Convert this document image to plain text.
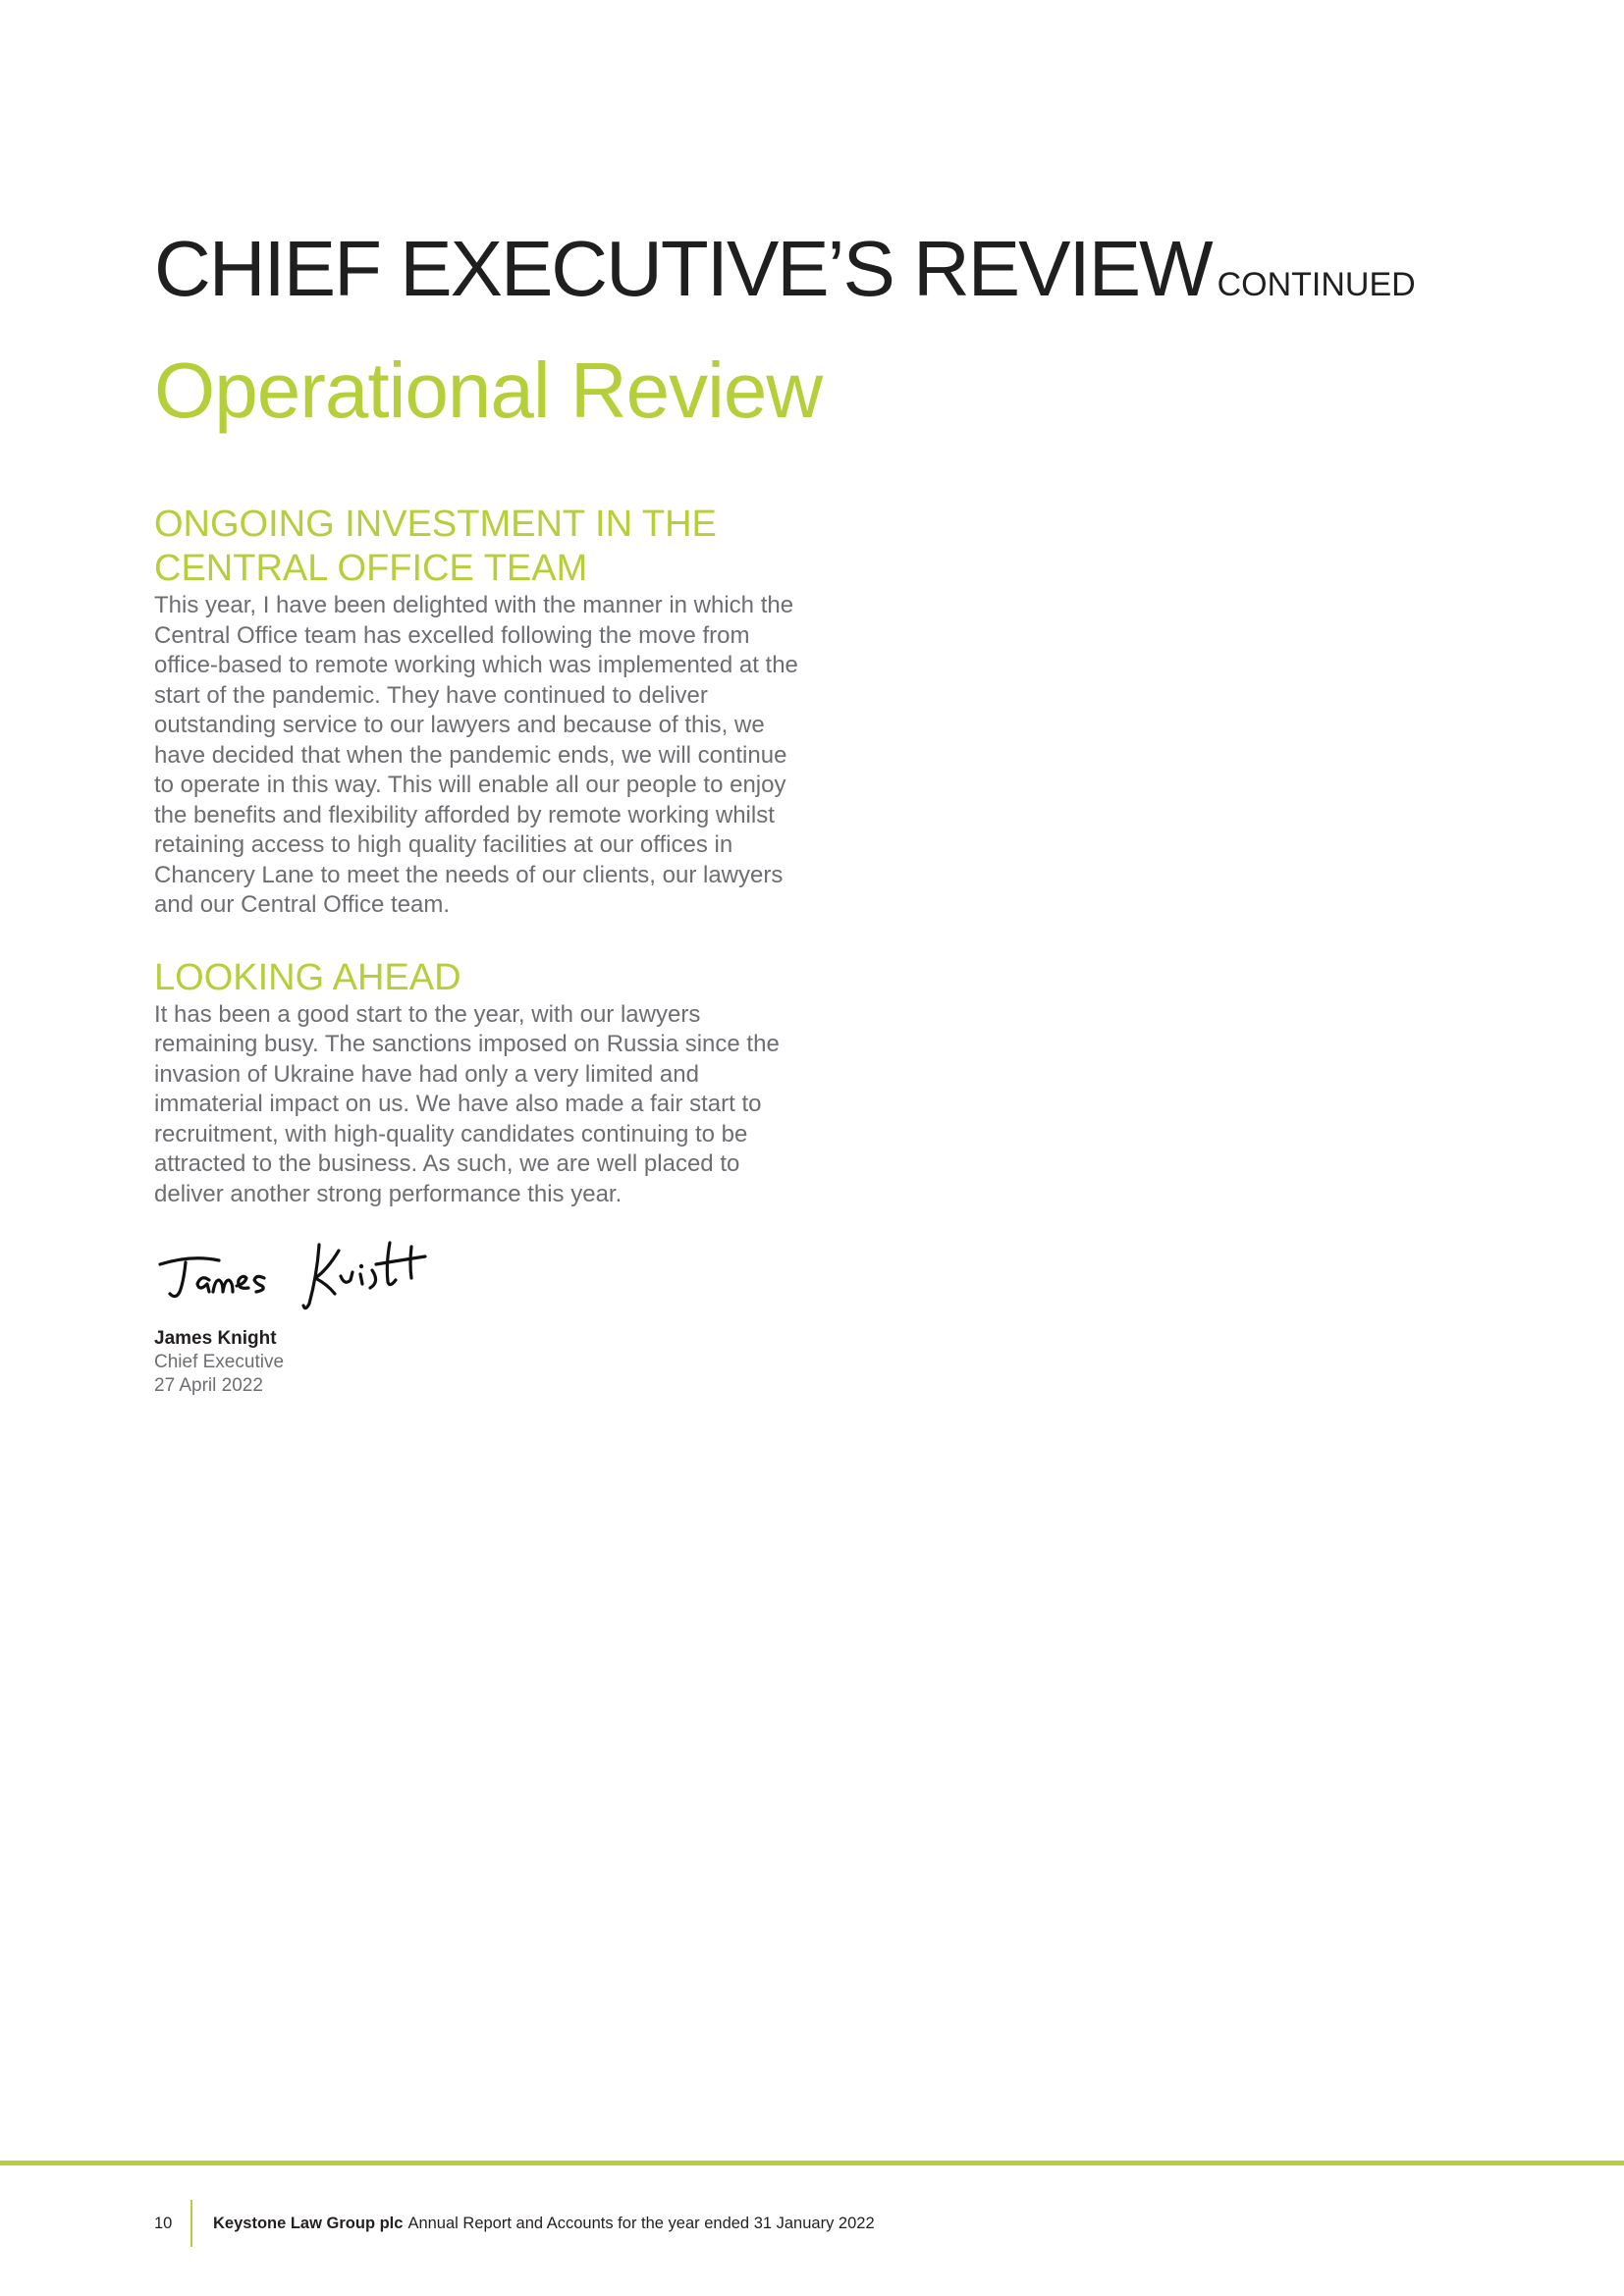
CHIEF EXECUTIVE’S REVIEW CONTINUED
Operational Review
ONGOING INVESTMENT IN THE
CENTRAL OFFICE TEAM

This year, I have been delighted with the manner in which the Central Office team has excelled following the move from office-based to remote working which was implemented at the start of the pandemic. They have continued to deliver outstanding service to our lawyers and because of this, we have decided that when the pandemic ends, we will continue to operate in this way. This will enable all our people to enjoy the benefits and flexibility afforded by remote working whilst retaining access to high quality facilities at our offices in Chancery Lane to meet the needs of our clients, our lawyers and our Central Office team.

LOOKING AHEAD

It has been a good start to the year, with our lawyers remaining busy. The sanctions imposed on Russia since the invasion of Ukraine have had only a very limited and immaterial impact on us. We have also made a fair start to recruitment, with high-quality candidates continuing to be attracted to the business. As such, we are well placed to deliver another strong performance this year.

James Knight

James Knight

Chief Executive

27 April 2022

10	Keystone Law Group plc Annual Report and Accounts for the year ended 31 January 2022
